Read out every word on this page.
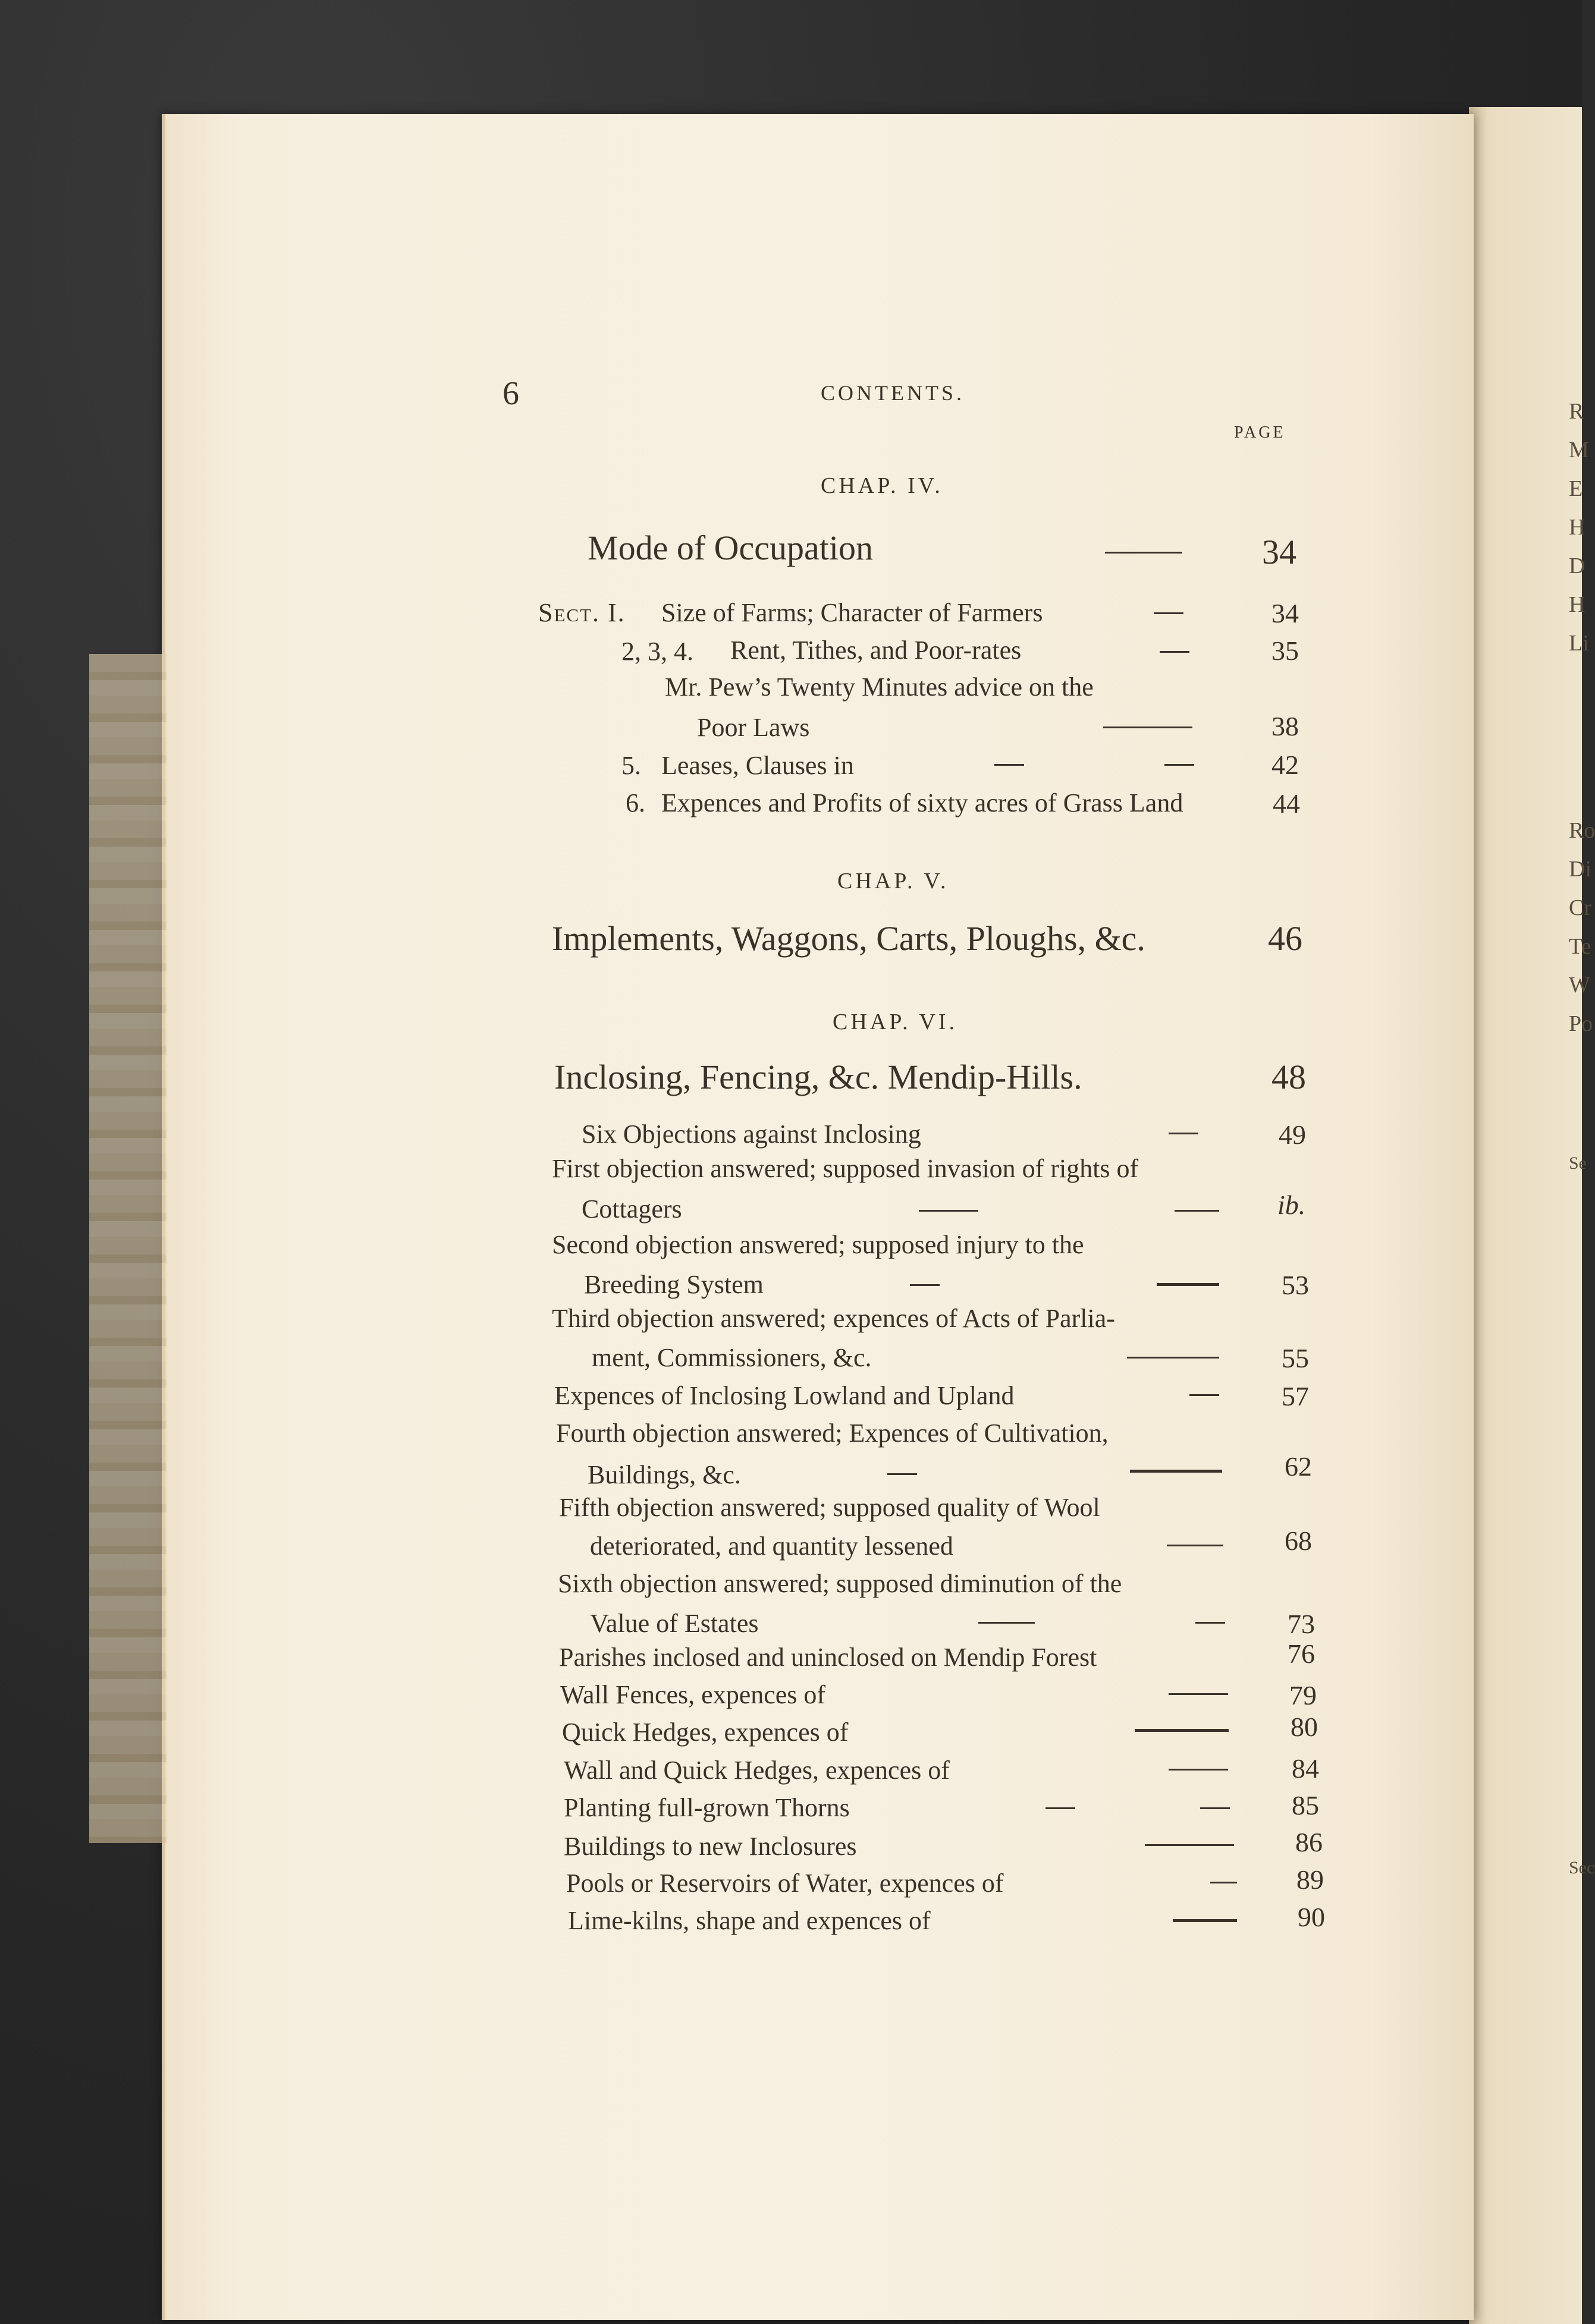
R
M
E
H
D
H
Li
Ro
Di
Cr
Te
W
Po
Se
Sec
6	CONTENTS.
PAGE
CHAP. IV.
Mode of Occupation	34
Sect. I. Size of Farms; Character of Farmers	34
2, 3, 4. Rent, Tithes, and Poor-rates	35
Mr. Pew’s Twenty Minutes advice on the
Poor Laws	38
5. Leases, Clauses in	42
6. Expences and Profits of sixty acres of Grass Land	44
CHAP. V.
Implements, Waggons, Carts, Ploughs, &c.	46
CHAP. VI.
Inclosing, Fencing, &c. Mendip-Hills.	48
Six Objections against Inclosing	49
First objection answered; supposed invasion of rights of
Cottagers	ib.
Second objection answered; supposed injury to the
Breeding System	53
Third objection answered; expences of Acts of Parlia-
ment, Commissioners, &c.	55
Expences of Inclosing Lowland and Upland	57
Fourth objection answered; Expences of Cultivation,
Buildings, &c.	62
Fifth objection answered; supposed quality of Wool
deteriorated, and quantity lessened	68
Sixth objection answered; supposed diminution of the
Value of Estates	73
Parishes inclosed and uninclosed on Mendip Forest	76
Wall Fences, expences of	79
Quick Hedges, expences of	80
Wall and Quick Hedges, expences of	84
Planting full-grown Thorns	85
Buildings to new Inclosures	86
Pools or Reservoirs of Water, expences of	89
Lime-kilns, shape and expences of	90
